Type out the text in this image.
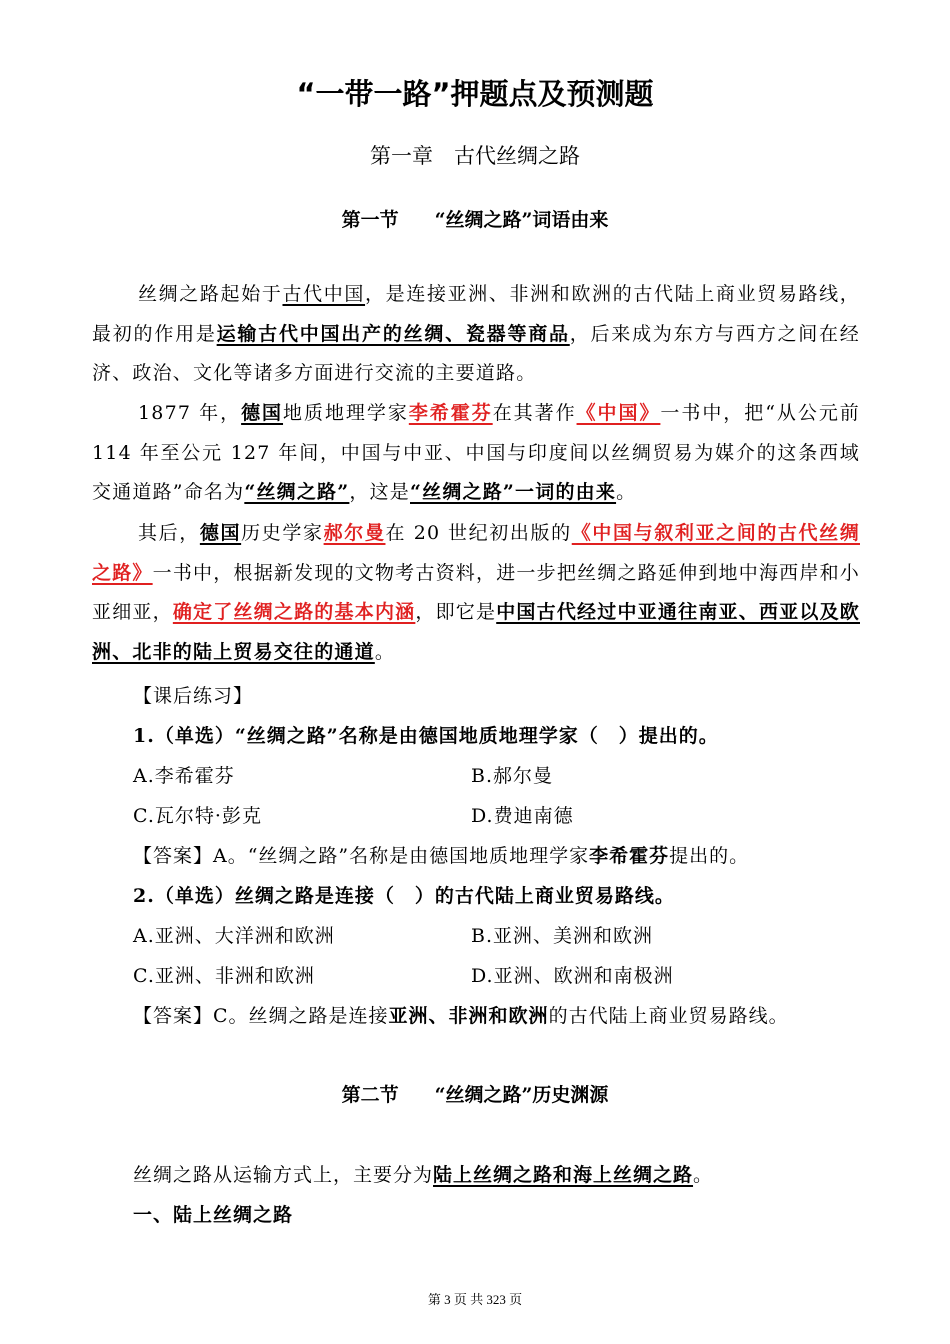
“一带一路”押题点及预测题
第一章　古代丝绸之路
第一节 “丝绸之路”词语由来
丝绸之路起始于古代中国，是连接亚洲、非洲和欧洲的古代陆上商业贸易路线，最初的作用是运输古代中国出产的丝绸、瓷器等商品，后来成为东方与西方之间在经济、政治、文化等诸多方面进行交流的主要道路。
1877 年，德国地质地理学家李希霍芬在其著作《中国》一书中，把“从公元前 114 年至公元 127 年间，中国与中亚、中国与印度间以丝绸贸易为媒介的这条西域交通道路”命名为“丝绸之路”，这是“丝绸之路”一词的由来。
其后，德国历史学家郝尔曼在 20 世纪初出版的《中国与叙利亚之间的古代丝绸之路》一书中，根据新发现的文物考古资料，进一步把丝绸之路延伸到地中海西岸和小亚细亚，确定了丝绸之路的基本内涵，即它是中国古代经过中亚通往南亚、西亚以及欧洲、北非的陆上贸易交往的通道。
【课后练习】
1.（单选）“丝绸之路”名称是由德国地质地理学家（　）提出的。
A.李希霍芬	B.郝尔曼
C.瓦尔特·彭克	D.费迪南德
【答案】A。“丝绸之路”名称是由德国地质地理学家李希霍芬提出的。
2.（单选）丝绸之路是连接（　）的古代陆上商业贸易路线。
A.亚洲、大洋洲和欧洲	B.亚洲、美洲和欧洲
C.亚洲、非洲和欧洲	D.亚洲、欧洲和南极洲
【答案】C。丝绸之路是连接亚洲、非洲和欧洲的古代陆上商业贸易路线。
第二节 “丝绸之路”历史渊源
丝绸之路从运输方式上，主要分为陆上丝绸之路和海上丝绸之路。
一、陆上丝绸之路
第 3 页 共 323 页
